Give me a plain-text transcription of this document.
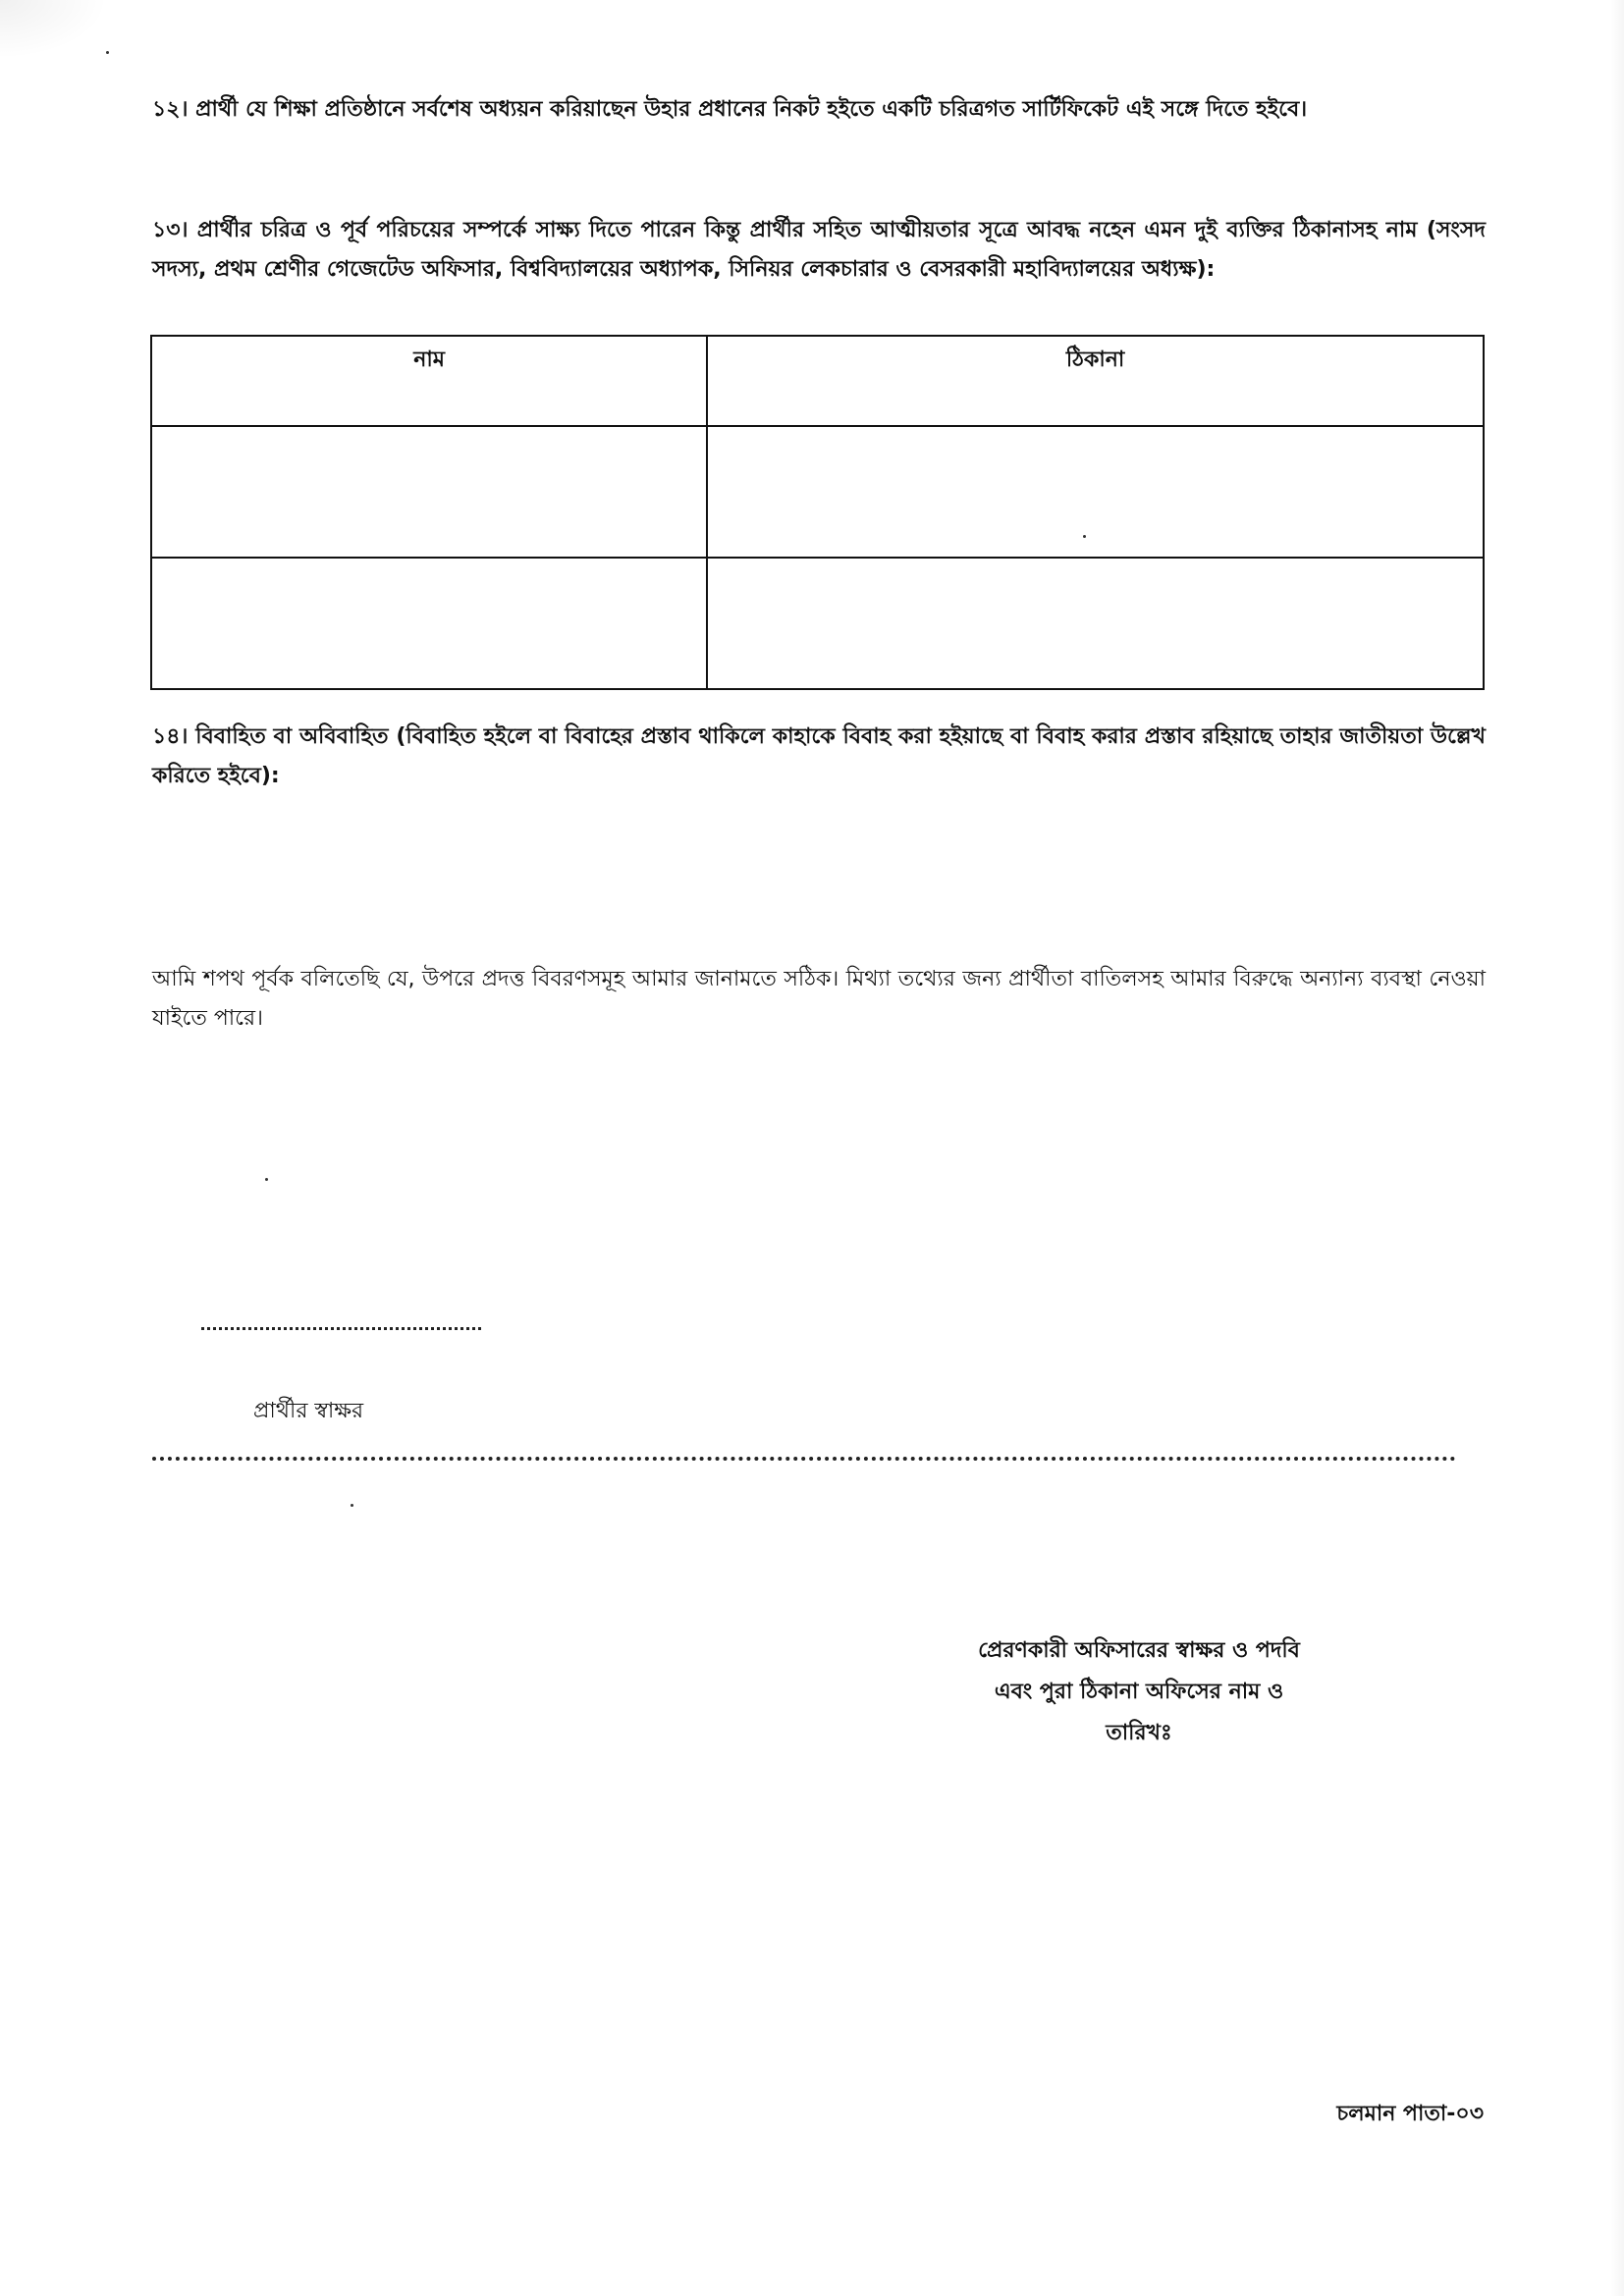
১২। প্রার্থী যে শিক্ষা প্রতিষ্ঠানে সর্বশেষ অধ্যয়ন করিয়াছেন উহার প্রধানের নিকট হইতে একটি চরিত্রগত সার্টিফিকেট এই সঙ্গে দিতে হইবে।
১৩। প্রার্থীর চরিত্র ও পূর্ব পরিচয়ের সম্পর্কে সাক্ষ্য দিতে পারেন কিন্তু প্রার্থীর সহিত আত্মীয়তার সূত্রে আবদ্ধ নহেন এমন দুই ব্যক্তির ঠিকানাসহ নাম (সংসদ সদস্য, প্রথম শ্রেণীর গেজেটেড অফিসার, বিশ্ববিদ্যালয়ের অধ্যাপক, সিনিয়র লেকচারার ও বেসরকারী মহাবিদ্যালয়ের অধ্যক্ষ):
নাম	ঠিকানা

১৪। বিবাহিত বা অবিবাহিত (বিবাহিত হইলে বা বিবাহের প্রস্তাব থাকিলে কাহাকে বিবাহ করা হইয়াছে বা বিবাহ করার প্রস্তাব রহিয়াছে তাহার জাতীয়তা উল্লেখ করিতে হইবে):
আমি শপথ পূর্বক বলিতেছি যে, উপরে প্রদত্ত বিবরণসমূহ আমার জানামতে সঠিক। মিথ্যা তথ্যের জন্য প্রার্থীতা বাতিলসহ আমার বিরুদ্ধে অন্যান্য ব্যবস্থা নেওয়া যাইতে পারে।
প্রার্থীর স্বাক্ষর
প্রেরণকারী অফিসারের স্বাক্ষর ও পদবি
এবং পুরা ঠিকানা অফিসের নাম ও
তারিখঃ
চলমান পাতা-০৩
